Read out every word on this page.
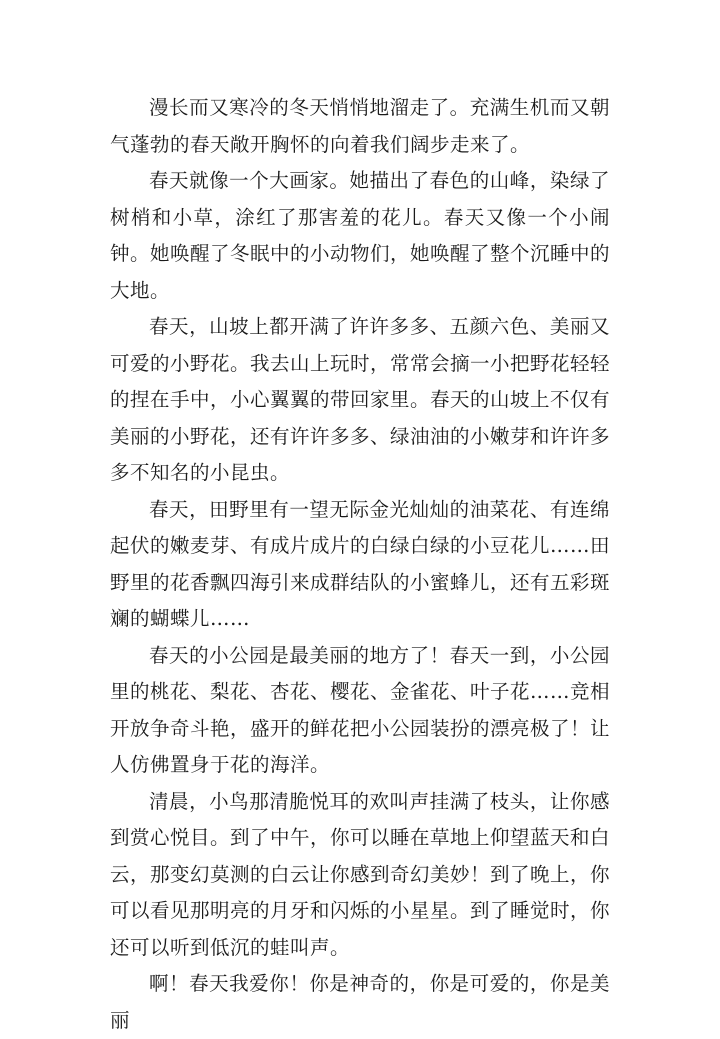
漫长而又寒冷的冬天悄悄地溜走了。充满生机而又朝气蓬勃的春天敞开胸怀的向着我们阔步走来了。

春天就像一个大画家。她描出了春色的山峰，染绿了树梢和小草，涂红了那害羞的花儿。春天又像一个小闹钟。她唤醒了冬眠中的小动物们，她唤醒了整个沉睡中的大地。

春天，山坡上都开满了许许多多、五颜六色、美丽又可爱的小野花。我去山上玩时，常常会摘一小把野花轻轻的捏在手中，小心翼翼的带回家里。春天的山坡上不仅有美丽的小野花，还有许许多多、绿油油的小嫩芽和许许多多不知名的小昆虫。

春天，田野里有一望无际金光灿灿的油菜花、有连绵起伏的嫩麦芽、有成片成片的白绿白绿的小豆花儿……田野里的花香飘四海引来成群结队的小蜜蜂儿，还有五彩斑斓的蝴蝶儿……

春天的小公园是最美丽的地方了！春天一到，小公园里的桃花、梨花、杏花、樱花、金雀花、叶子花……竞相开放争奇斗艳，盛开的鲜花把小公园装扮的漂亮极了！让人仿佛置身于花的海洋。

清晨，小鸟那清脆悦耳的欢叫声挂满了枝头，让你感到赏心悦目。到了中午，你可以睡在草地上仰望蓝天和白云，那变幻莫测的白云让你感到奇幻美妙！到了晚上，你可以看见那明亮的月牙和闪烁的小星星。到了睡觉时，你还可以听到低沉的蛙叫声。

啊！春天我爱你！你是神奇的，你是可爱的，你是美丽
